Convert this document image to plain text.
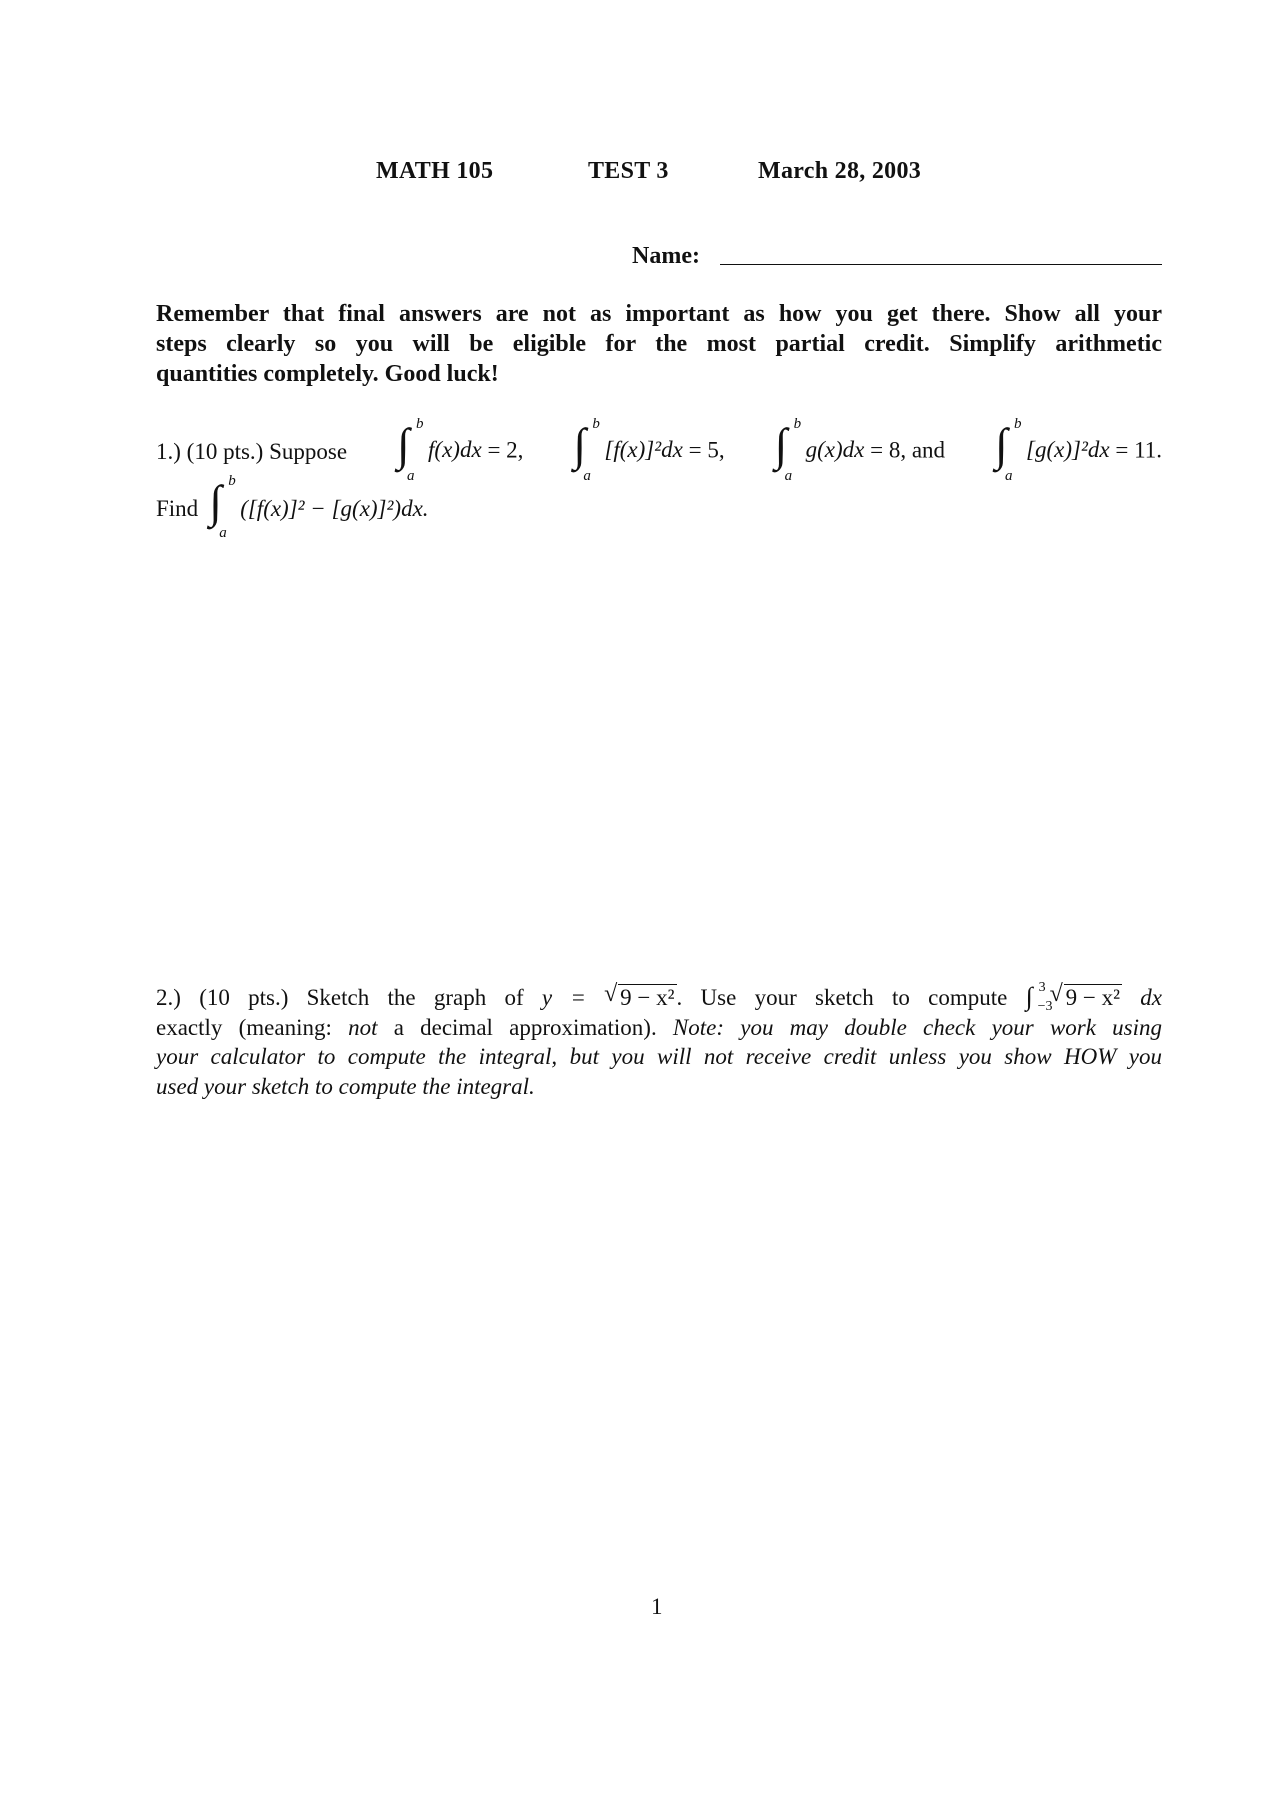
MATH 105	TEST 3	March 28, 2003
Name:
Remember that final answers are not as important as how you get there. Show all your
steps clearly so you will be eligible for the most partial credit. Simplify arithmetic
quantities completely. Good luck!
1.) (10 pts.) Suppose ∫ b
a
f(x)dx = 2, ∫ b
a
[f(x)]²dx = 5, ∫ b
a
g(x)dx = 8, and ∫ b
a
[g(x)]²dx = 11.
Find ∫ b
a
([f(x)]² − [g(x)]²)dx.
2.) (10 pts.) Sketch the graph of y = √ 9 − x². Use your sketch to compute ∫ 3
−3
√ 9 − x² dx
exactly (meaning: not a decimal approximation). Note: you may double check your work using
your calculator to compute the integral, but you will not receive credit unless you show HOW you
used your sketch to compute the integral.
1
